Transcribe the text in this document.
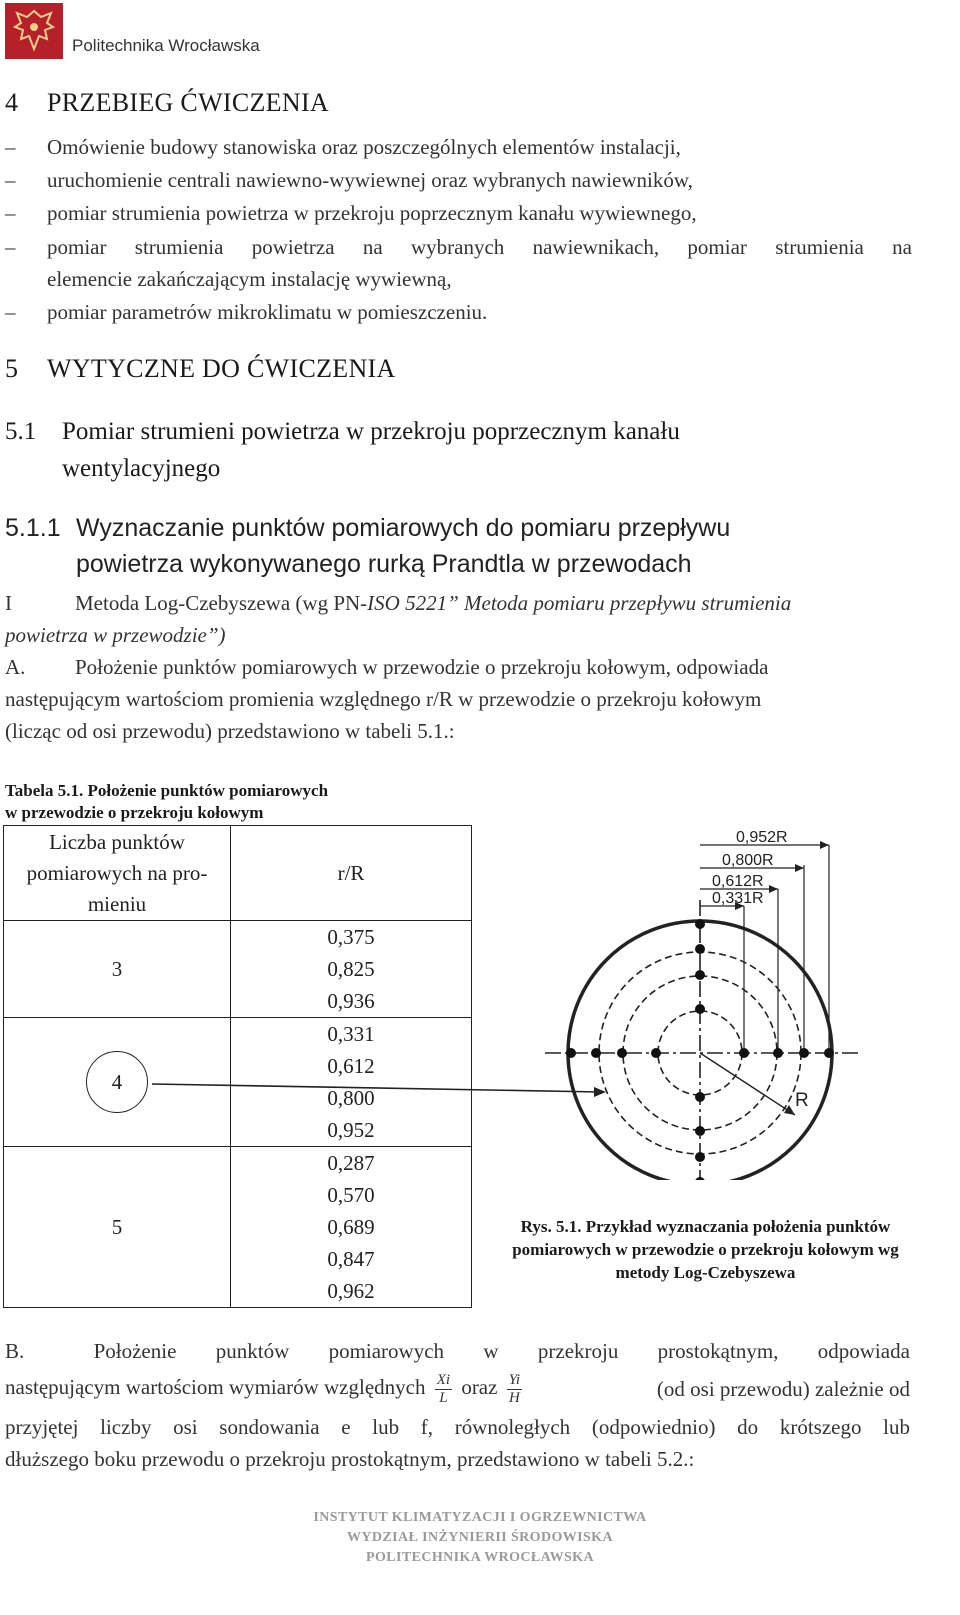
Politechnika Wrocławska
4 PRZEBIEG ĆWICZENIA
– Omówienie budowy stanowiska oraz poszczególnych elementów instalacji,
– uruchomienie centrali nawiewno-wywiewnej oraz wybranych nawiewników,
– pomiar strumienia powietrza w przekroju poprzecznym kanału wywiewnego,
– pomiar strumienia powietrza na wybranych nawiewnikach, pomiar strumienia na
elemencie zakańczającym instalację wywiewną,
– pomiar parametrów mikroklimatu w pomieszczeniu.
5 WYTYCZNE DO ĆWICZENIA
5.1 Pomiar strumieni powietrza w przekroju poprzecznym kanału
wentylacyjnego
5.1.1 Wyznaczanie punktów pomiarowych do pomiaru przepływu
powietrza wykonywanego rurką Prandtla w przewodach
I	Metoda Log-Czebyszewa (wg PN-ISO 5221” Metoda pomiaru przepływu strumienia
powietrza w przewodzie”)
A. Położenie punktów pomiarowych w przewodzie o przekroju kołowym, odpowiada
następującym wartościom promienia względnego r/R w przewodzie o przekroju kołowym
(licząc od osi przewodu) przedstawiono w tabeli 5.1.:
Tabela 5.1. Położenie punktów pomiarowych
w przewodzie o przekroju kołowym
Liczba punktów
pomiarowych na pro-
mieniu	r/R
3	0,375
0,825
0,936

4	0,331
0,612
0,800
0,952

5	0,287
0,570
0,689
0,847
0,962
0,952R
0,800R
0,612R
0,331R
R
Rys. 5.1. Przykład wyznaczania położenia punktów
pomiarowych w przewodzie o przekroju kołowym wg
metody Log-Czebyszewa
B.	Położenie punktów pomiarowych w przekroju prostokątnym, odpowiada
następującym wartościom wymiarów względnych $\frac{Xi}{L}$ oraz $\frac{Yi}{H}$	(od osi przewodu) zależnie od
przyjętej liczby osi sondowania e lub f, równoległych (odpowiednio) do krótszego lub
dłuższego boku przewodu o przekroju prostokątnym, przedstawiono w tabeli 5.2.:
INSTYTUT KLIMATYZACJI I OGRZEWNICTWA
WYDZIAŁ INŻYNIERII ŚRODOWISKA
POLITECHNIKA WROCŁAWSKA
